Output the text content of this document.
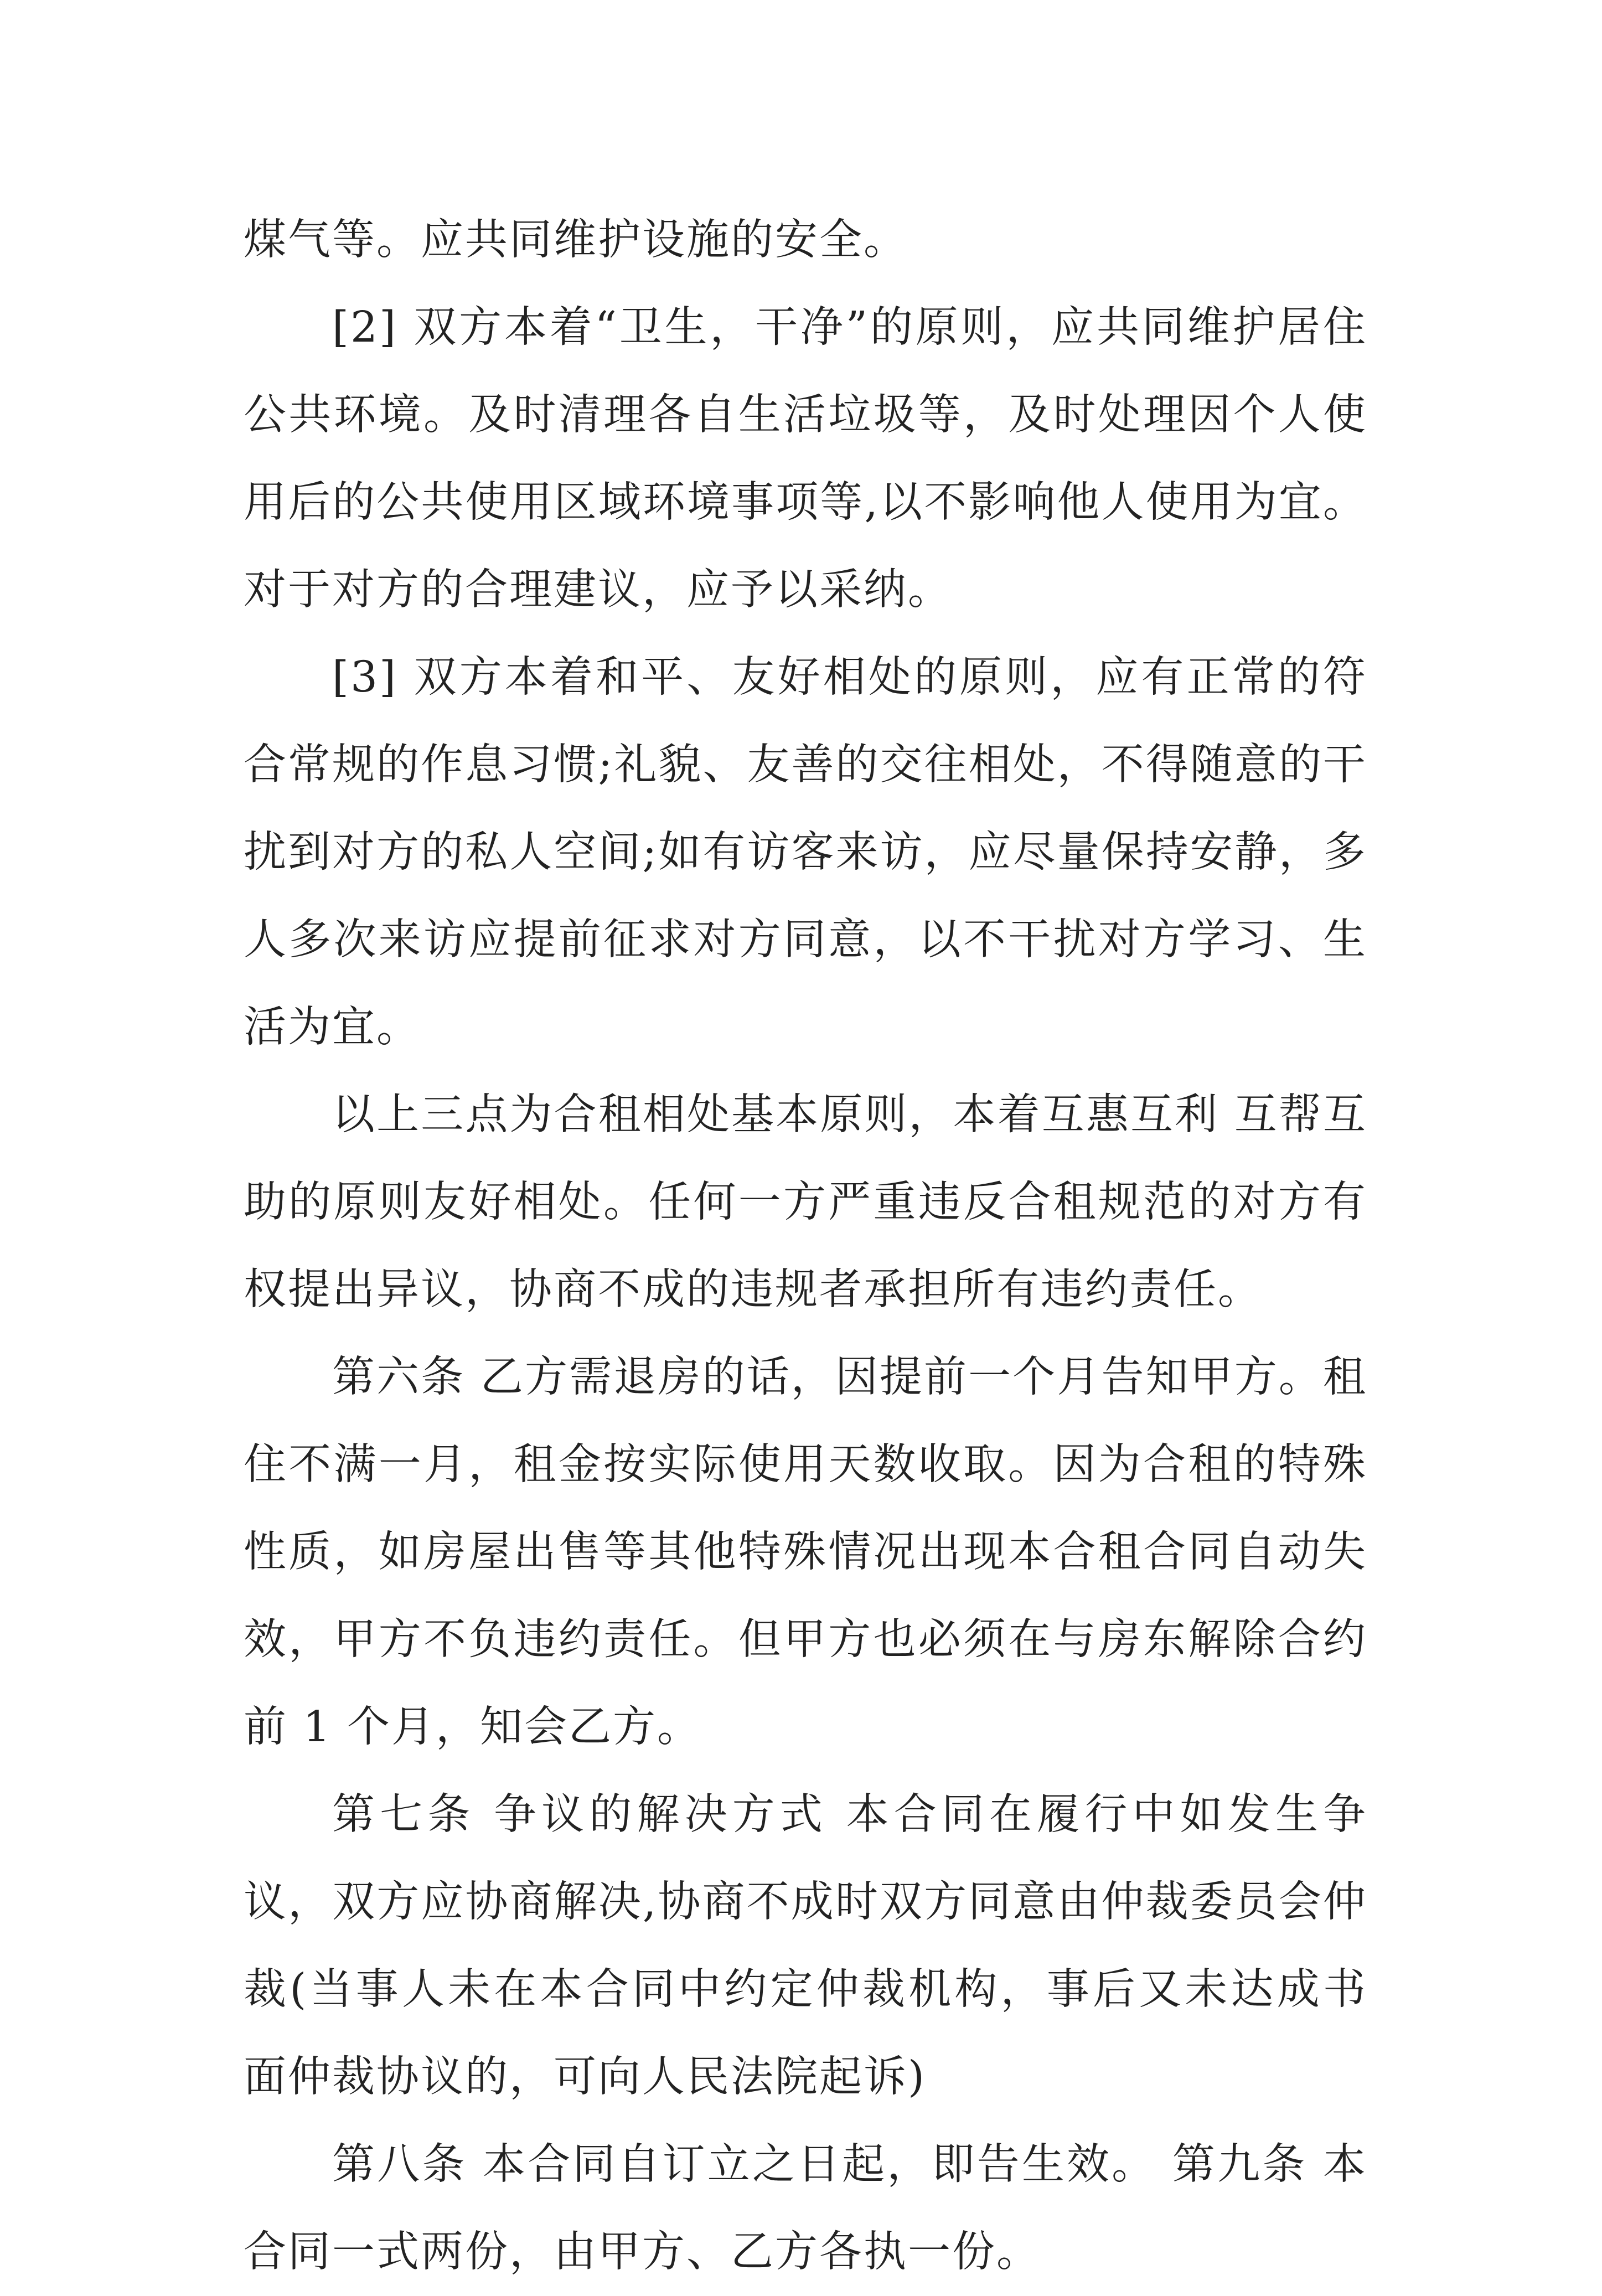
煤气等。应共同维护设施的安全。

[2] 双方本着“卫生，干净”的原则，应共同维护居住公共环境。及时清理各自生活垃圾等，及时处理因个人使用后的公共使用区域环境事项等,以不影响他人使用为宜。对于对方的合理建议，应予以采纳。

[3] 双方本着和平、友好相处的原则，应有正常的符合常规的作息习惯;礼貌、友善的交往相处，不得随意的干扰到对方的私人空间;如有访客来访，应尽量保持安静，多人多次来访应提前征求对方同意，以不干扰对方学习、生活为宜。

以上三点为合租相处基本原则，本着互惠互利 互帮互助的原则友好相处。任何一方严重违反合租规范的对方有权提出异议，协商不成的违规者承担所有违约责任。

第六条 乙方需退房的话，因提前一个月告知甲方。租住不满一月，租金按实际使用天数收取。因为合租的特殊性质，如房屋出售等其他特殊情况出现本合租合同自动失效，甲方不负违约责任。但甲方也必须在与房东解除合约前 1 个月，知会乙方。

第七条 争议的解决方式 本合同在履行中如发生争议，双方应协商解决,协商不成时双方同意由仲裁委员会仲裁(当事人未在本合同中约定仲裁机构，事后又未达成书面仲裁协议的，可向人民法院起诉)

第八条 本合同自订立之日起，即告生效。 第九条 本合同一式两份，由甲方、乙方各执一份。
